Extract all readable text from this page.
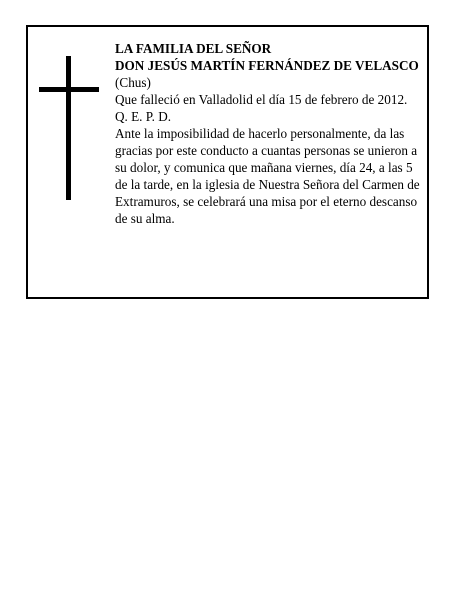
LA FAMILIA DEL SEÑOR

DON JESÚS MARTÍN FERNÁNDEZ DE VELASCO

(Chus)

Que falleció en Valladolid el día 15 de febrero de 2012.

Q. E. P. D.

Ante la imposibilidad de hacerlo personalmente, da las gracias por este conducto a cuantas personas se unieron a su dolor, y comunica que mañana viernes, día 24, a las 5 de la tarde, en la iglesia de Nuestra Señora del Carmen de Extramuros, se celebrará una misa por el eterno descanso de su alma.
